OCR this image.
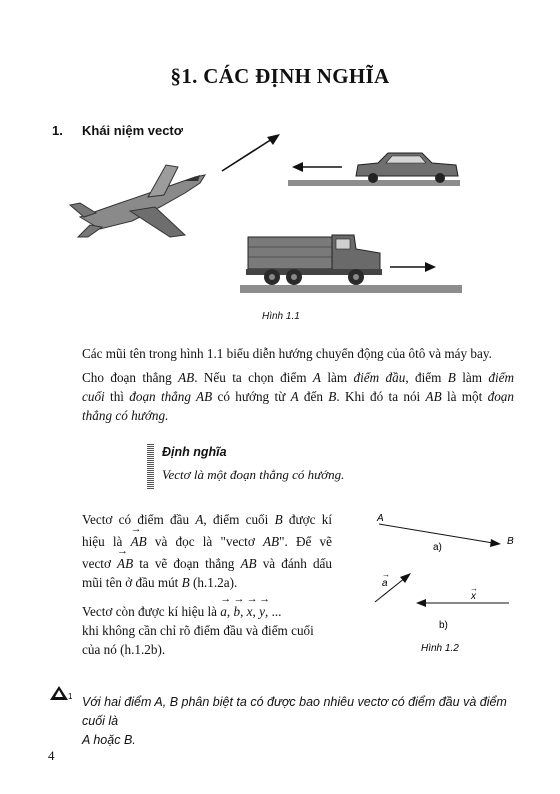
§1. CÁC ĐỊNH NGHĨA
1. Khái niệm vectơ
Hình 1.1
Các mũi tên trong hình 1.1 biểu diễn hướng chuyển động của ôtô và máy bay.
Cho đoạn thẳng AB. Nếu ta chọn điểm A làm điểm đầu, điểm B làm điểm
cuối thì đoạn thẳng AB có hướng từ A đến B. Khi đó ta nói AB là một đoạn
thẳng có hướng.
Định nghĩa
Vectơ là một đoạn thẳng có hướng.
Vectơ có điểm đầu A, điểm cuối B được kí
hiệu là → AB và đọc là "vectơ AB". Để vẽ
vectơ → AB ta vẽ đoạn thẳng AB và đánh dấu
mũi tên ở đầu mút B (h.1.2a).
Vectơ còn được kí hiệu là → a, → b, → x, → y, ...
khi không cần chỉ rõ điểm đầu và điểm cuối
của nó (h.1.2b).
A
B
a)
a
→
x
→
b)
Hình 1.2
1 Với hai điểm A, B phân biệt ta có được bao nhiêu vectơ có điểm đầu và điểm cuối là
A hoặc B.
4
